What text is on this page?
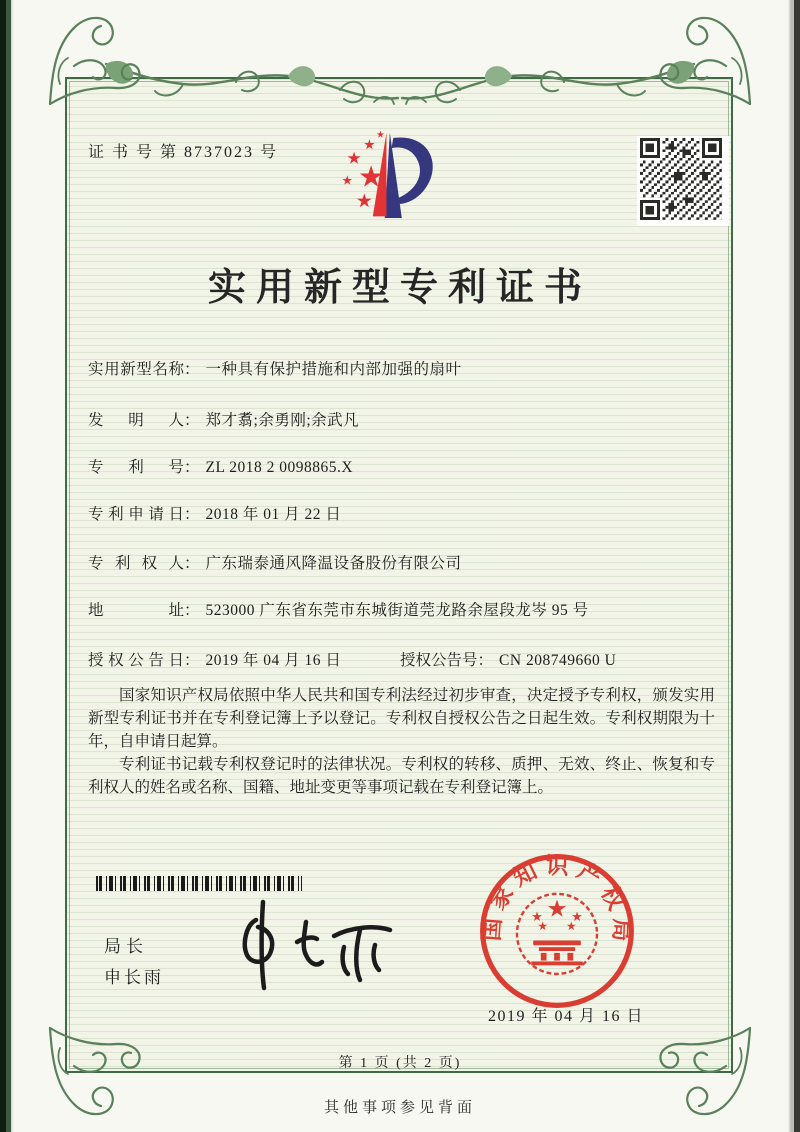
证 书 号 第 8737023 号
实用新型专利证书
实用新型名称： 一种具有保护措施和内部加强的扇叶
发明人： 郑才翥;余勇刚;余武凡
专利号： ZL 2018 2 0098865.X
专利申请日： 2018 年 01 月 22 日
专利权人： 广东瑞泰通风降温设备股份有限公司
地址： 523000 广东省东莞市东城街道莞龙路余屋段龙岑 95 号
授权公告日： 2019 年 04 月 16 日	授权公告号： CN 208749660 U

国家知识产权局依照中华人民共和国专利法经过初步审查，决定授予专利权，颁发实用新型专利证书并在专利登记簿上予以登记。专利权自授权公告之日起生效。专利权期限为十年，自申请日起算。

专利证书记载专利权登记时的法律状况。专利权的转移、质押、无效、终止、恢复和专利权人的姓名或名称、国籍、地址变更等事项记载在专利登记簿上。

局长
申长雨
国家知识产权局
2019 年 04 月 16 日
第 1 页 (共 2 页)
其他事项参见背面
